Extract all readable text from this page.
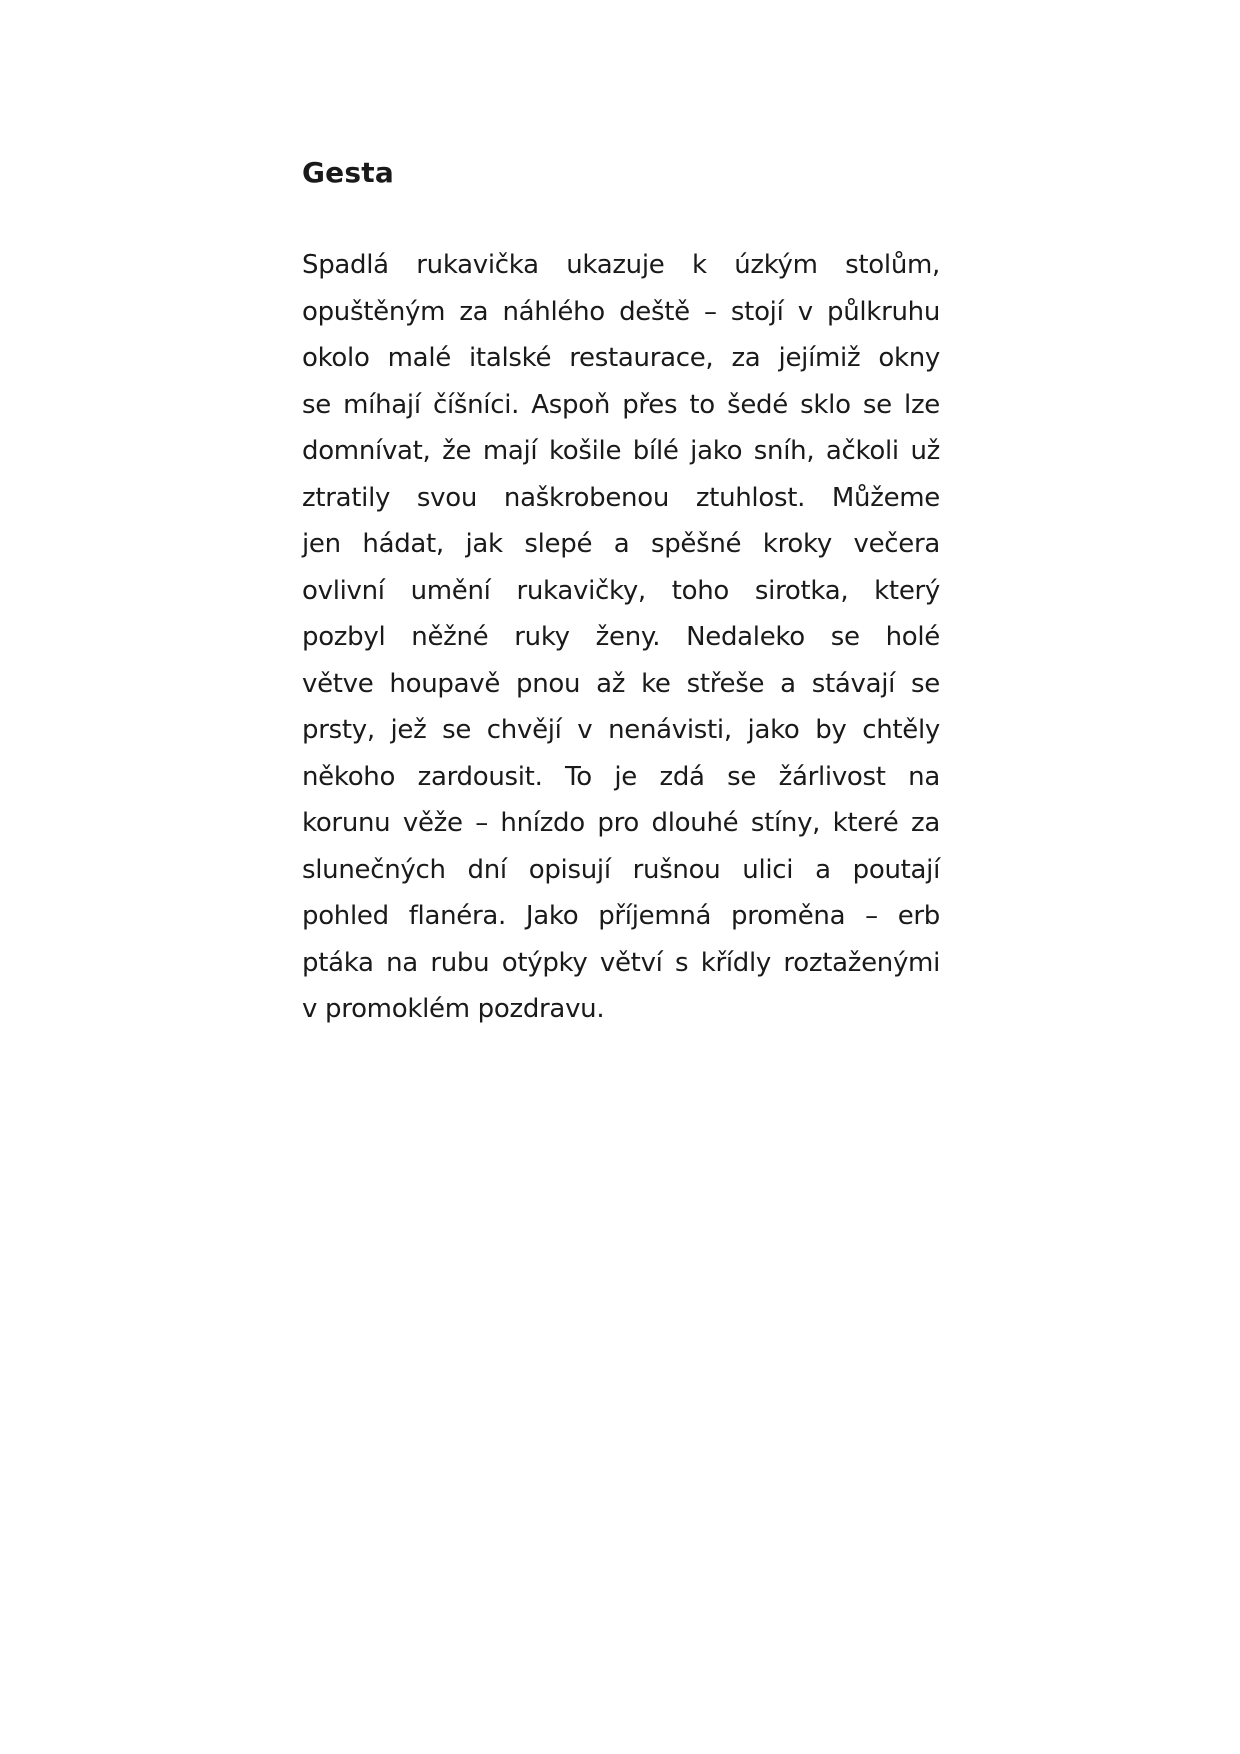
Gesta
Spadlá rukavička ukazuje k úzkým stolům,
opuštěným za náhlého deště – stojí v půlkruhu
okolo malé italské restaurace, za jejímiž okny
se míhají číšníci. Aspoň přes to šedé sklo se lze
domnívat, že mají košile bílé jako sníh, ačkoli už
ztratily svou naškrobenou ztuhlost. Můžeme
jen hádat, jak slepé a spěšné kroky večera
ovlivní umění rukavičky, toho sirotka, který
pozbyl něžné ruky ženy. Nedaleko se holé
větve houpavě pnou až ke střeše a stávají se
prsty, jež se chvějí v nenávisti, jako by chtěly
někoho zardousit. To je zdá se žárlivost na
korunu věže – hnízdo pro dlouhé stíny, které za
slunečných dní opisují rušnou ulici a poutají
pohled flanéra. Jako příjemná proměna – erb
ptáka na rubu otýpky větví s křídly roztaženými
v promoklém pozdravu.
